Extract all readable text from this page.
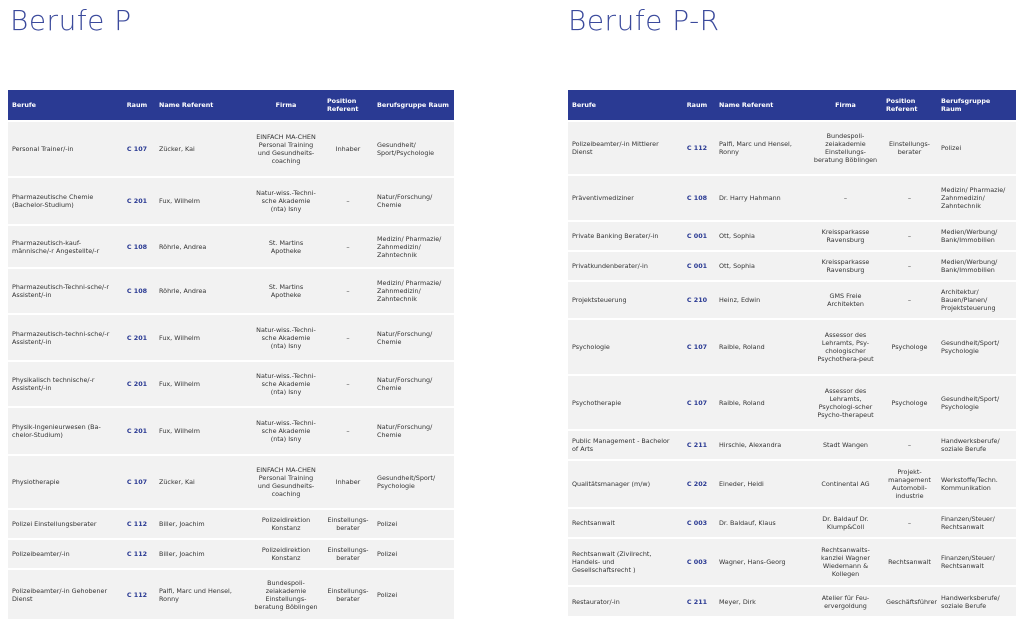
Berufe P	Berufe P-R
Berufe	Raum	Name Referent	Firma	Position Referent	Berufsgruppe Raum
Personal Trainer/-in	C 107	Zücker, Kai	EINFACH MA-CHEN Personal Training und Gesundheits-coaching	Inhaber	Gesundheit/ Sport/Psychologie
Pharmazeutische Chemie (Bachelor-Studium)	C 201	Fux, Wilhelm	Natur-wiss.-Techni-sche Akademie (nta) Isny	–	Natur/Forschung/ Chemie
Pharmazeutisch-kauf-männische/-r Angestellte/-r	C 108	Röhrle, Andrea	St. Martins Apotheke	–	Medizin/ Pharmazie/ Zahnmedizin/ Zahntechnik
Pharmazeutisch-Techni-sche/-r Assistent/-in	C 108	Röhrle, Andrea	St. Martins Apotheke	–	Medizin/ Pharmazie/ Zahnmedizin/ Zahntechnik
Pharmazeutisch-techni-sche/-r Assistent/-in	C 201	Fux, Wilhelm	Natur-wiss.-Techni-sche Akademie (nta) Isny	–	Natur/Forschung/ Chemie
Physikalisch technische/-r Assistent/-in	C 201	Fux, Wilhelm	Natur-wiss.-Techni-sche Akademie (nta) Isny	–	Natur/Forschung/ Chemie
Physik-Ingenieurwesen (Ba-chelor-Studium)	C 201	Fux, Wilhelm	Natur-wiss.-Techni-sche Akademie (nta) Isny	–	Natur/Forschung/ Chemie
Physiotherapie	C 107	Zücker, Kai	EINFACH MA-CHEN Personal Training und Gesundheits-coaching	Inhaber	Gesundheit/Sport/ Psychologie
Polizei Einstellungsberater	C 112	Biller, Joachim	Polizeidirektion Konstanz	Einstellungs-berater	Polizei
Polizeibeamter/-in	C 112	Biller, Joachim	Polizeidirektion Konstanz	Einstellungs-berater	Polizei
Polizeibeamter/-in Gehobener Dienst	C 112	Palfi, Marc und Hensel, Ronny	Bundespoli-zeiakademie Einstellungs-beratung Böblingen	Einstellungs-berater	Polizei
Berufe	Raum	Name Referent	Firma	Position Referent	Berufsgruppe Raum
Polizeibeamter/-in Mittlerer Dienst	C 112	Palfi, Marc und Hensel, Ronny	Bundespoli-zeiakademie Einstellungs-beratung Böblingen	Einstellungs-berater	Polizei
Präventivmediziner	C 108	Dr. Harry Hahmann	–	–	Medizin/ Pharmazie/ Zahnmedizin/ Zahntechnik
Private Banking Berater/-in	C 001	Ott, Sophia	Kreissparkasse Ravensburg	–	Medien/Werbung/ Bank/Immobilien
Privatkundenberater/-in	C 001	Ott, Sophia	Kreissparkasse Ravensburg	–	Medien/Werbung/ Bank/Immobilien
Projektsteuerung	C 210	Heinz, Edwin	GMS Freie Architekten	–	Architektur/ Bauen/Planen/ Projektsteuerung
Psychologie	C 107	Raible, Roland	Assessor des Lehramts, Psy-chologischer Psychothera-peut	Psychologe	Gesundheit/Sport/ Psychologie
Psychotherapie	C 107	Raible, Roland	Assessor des Lehramts, Psychologi-scher Psycho-therapeut	Psychologe	Gesundheit/Sport/ Psychologie
Public Management - Bachelor of Arts	C 211	Hirschle, Alexandra	Stadt Wangen	–	Handwerksberufe/ soziale Berufe
Qualitätsmanager (m/w)	C 202	Eineder, Heidi	Continental AG	Projekt-management Automobil-industrie	Werkstoffe/Techn. Kommunikation
Rechtsanwalt	C 003	Dr. Baldauf, Klaus	Dr. Baldauf Dr. Klump&Coll	–	Finanzen/Steuer/ Rechtsanwalt
Rechtsanwalt (Zivilrecht, Handels- und Gesellschaftsrecht )	C 003	Wagner, Hans-Georg	Rechtsanwalts-kanzlei Wagner Wiedemann & Kollegen	Rechtsanwalt	Finanzen/Steuer/ Rechtsanwalt
Restaurator/-in	C 211	Meyer, Dirk	Atelier für Feu-ervergoldung	Geschäftsführer	Handwerksberufe/ soziale Berufe
